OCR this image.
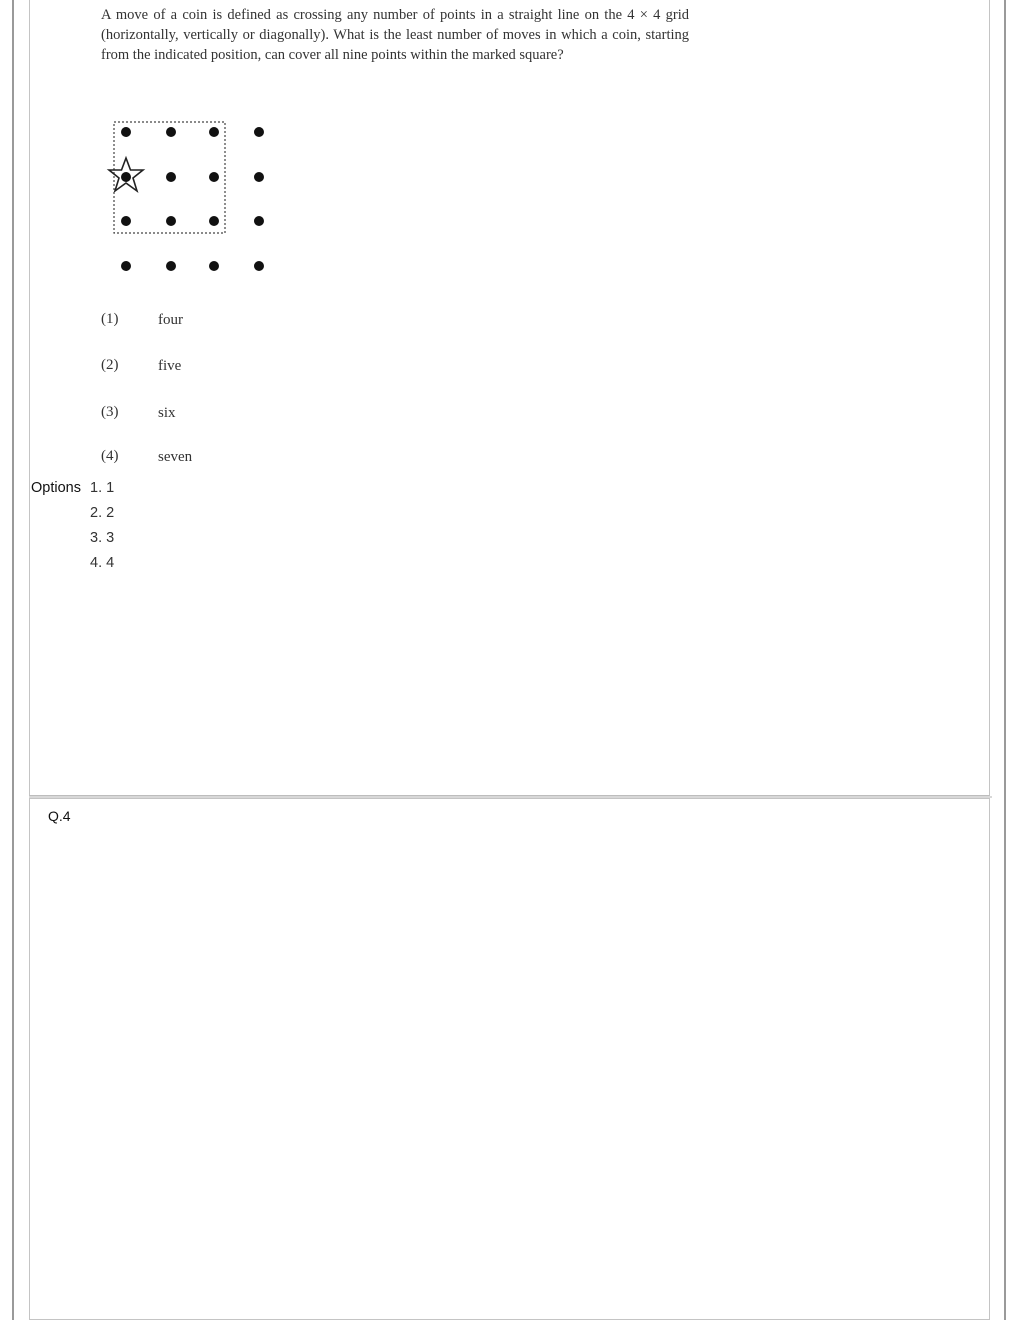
A move of a coin is defined as crossing any number of points in a straight line on the 4 × 4 grid (horizontally, vertically or diagonally). What is the least number of moves in which a coin, starting from the indicated position, can cover all nine points within the marked square?

(1)	four
(2)	five
(3)	six
(4)	seven
Options 1. 1
2. 2
3. 3
4. 4
Q.4
